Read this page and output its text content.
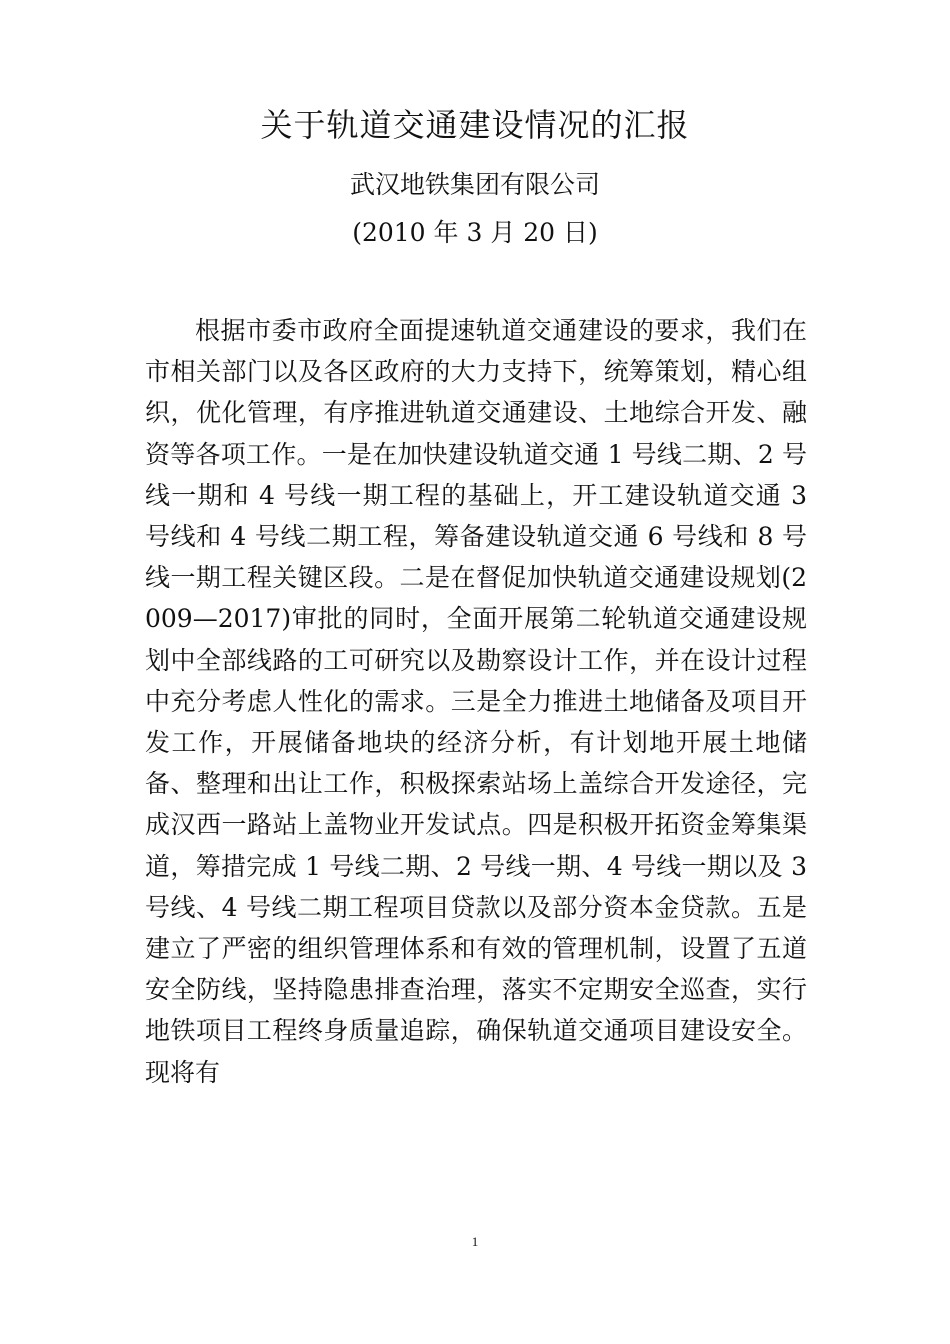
关于轨道交通建设情况的汇报
武汉地铁集团有限公司
(2010 年 3 月 20 日)

根据市委市政府全面提速轨道交通建设的要求，我们在市相关部门以及各区政府的大力支持下，统筹策划，精心组织，优化管理，有序推进轨道交通建设、土地综合开发、融资等各项工作。一是在加快建设轨道交通 1 号线二期、2 号线一期和 4 号线一期工程的基础上，开工建设轨道交通 3 号线和 4 号线二期工程，筹备建设轨道交通 6 号线和 8 号线一期工程关键区段。二是在督促加快轨道交通建设规划(2009—2017)审批的同时，全面开展第二轮轨道交通建设规划中全部线路的工可研究以及勘察设计工作，并在设计过程中充分考虑人性化的需求。三是全力推进土地储备及项目开发工作，开展储备地块的经济分析，有计划地开展土地储备、整理和出让工作，积极探索站场上盖综合开发途径，完成汉西一路站上盖物业开发试点。四是积极开拓资金筹集渠道，筹措完成 1 号线二期、2 号线一期、4 号线一期以及 3 号线、4 号线二期工程项目贷款以及部分资本金贷款。五是建立了严密的组织管理体系和有效的管理机制，设置了五道安全防线，坚持隐患排查治理，落实不定期安全巡查，实行地铁项目工程终身质量追踪，确保轨道交通项目建设安全。现将有

1
